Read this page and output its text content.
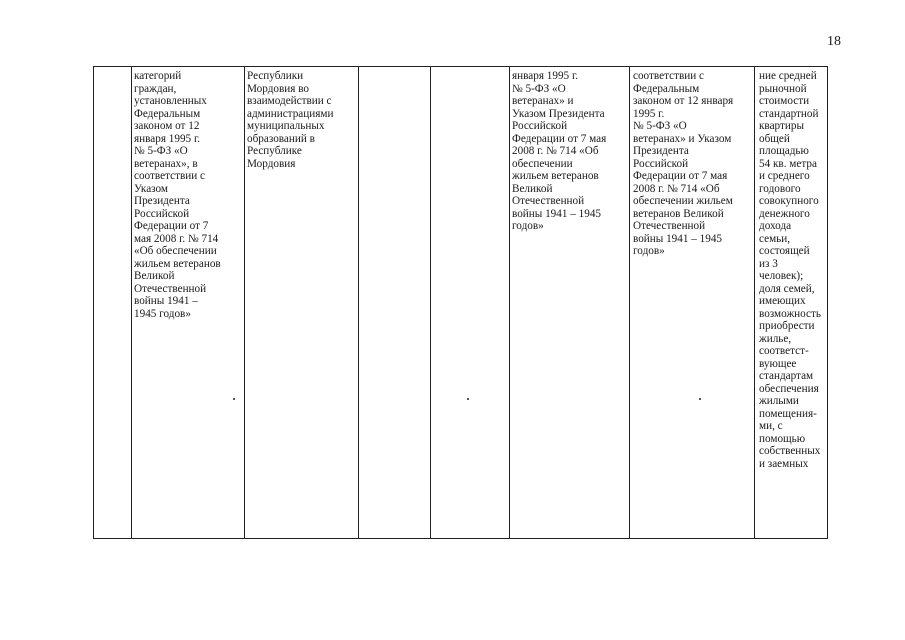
18
категорий
граждан,
установленных
Федеральным
законом от 12
января 1995 г.
№ 5-ФЗ «О
ветеранах», в
соответствии с
Указом
Президента
Российской
Федерации от 7
мая 2008 г. № 714
«Об обеспечении
жильем ветеранов
Великой
Отечественной
войны 1941 –
1945 годов»
Республики
Мордовия во
взаимодействии с
администрациями
муниципальных
образований в
Республике
Мордовия
января 1995 г.
№ 5-ФЗ «О
ветеранах» и
Указом Президента
Российской
Федерации от 7 мая
2008 г. № 714 «Об
обеспечении
жильем ветеранов
Великой
Отечественной
войны 1941 – 1945
годов»
соответствии с
Федеральным
законом от 12 января
1995 г.
№ 5-ФЗ «О
ветеранах» и Указом
Президента
Российской
Федерации от 7 мая
2008 г. № 714 «Об
обеспечении жильем
ветеранов Великой
Отечественной
войны 1941 – 1945
годов»
ние средней
рыночной
стоимости
стандартной
квартиры
общей
площадью
54 кв. метра
и среднего
годового
совокупного
денежного
дохода
семьи,
состоящей
из 3
человек);
доля семей,
имеющих
возможность
приобрести
жилье,
соответст-
вующее
стандартам
обеспечения
жилыми
помещения-
ми, с
помощью
собственных
и заемных
